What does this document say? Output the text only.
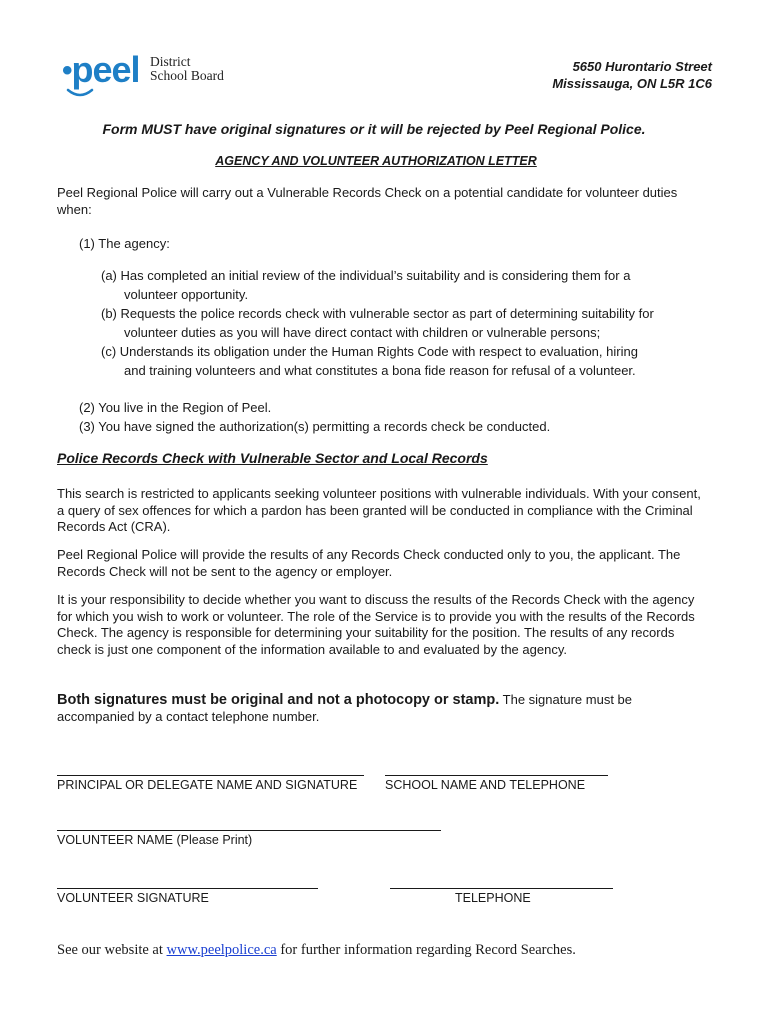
•peel District
School Board
5650 Hurontario Street
Mississauga, ON L5R 1C6
Form MUST have original signatures or it will be rejected by Peel Regional Police.
AGENCY AND VOLUNTEER AUTHORIZATION LETTER
Peel Regional Police will carry out a Vulnerable Records Check on a potential candidate for volunteer duties when:
(1) The agency:
(a) Has completed an initial review of the individual’s suitability and is considering them for a
volunteer opportunity.
(b) Requests the police records check with vulnerable sector as part of determining suitability for
volunteer duties as you will have direct contact with children or vulnerable persons;
(c) Understands its obligation under the Human Rights Code with respect to evaluation, hiring
and training volunteers and what constitutes a bona fide reason for refusal of a volunteer.
(2) You live in the Region of Peel.
(3) You have signed the authorization(s) permitting a records check be conducted.
Police Records Check with Vulnerable Sector and Local Records
This search is restricted to applicants seeking volunteer positions with vulnerable individuals. With your consent, a query of sex offences for which a pardon has been granted will be conducted in compliance with the Criminal Records Act (CRA).
Peel Regional Police will provide the results of any Records Check conducted only to you, the applicant. The Records Check will not be sent to the agency or employer.
It is your responsibility to decide whether you want to discuss the results of the Records Check with the agency for which you wish to work or volunteer. The role of the Service is to provide you with the results of the Records Check. The agency is responsible for determining your suitability for the position. The results of any records check is just one component of the information available to and evaluated by the agency.
Both signatures must be original and not a photocopy or stamp. The signature must be accompanied by a contact telephone number.
PRINCIPAL OR DELEGATE NAME AND SIGNATURE SCHOOL NAME AND TELEPHONE
VOLUNTEER NAME (Please Print)
VOLUNTEER SIGNATURE	TELEPHONE
See our website at www.peelpolice.ca for further information regarding Record Searches.
